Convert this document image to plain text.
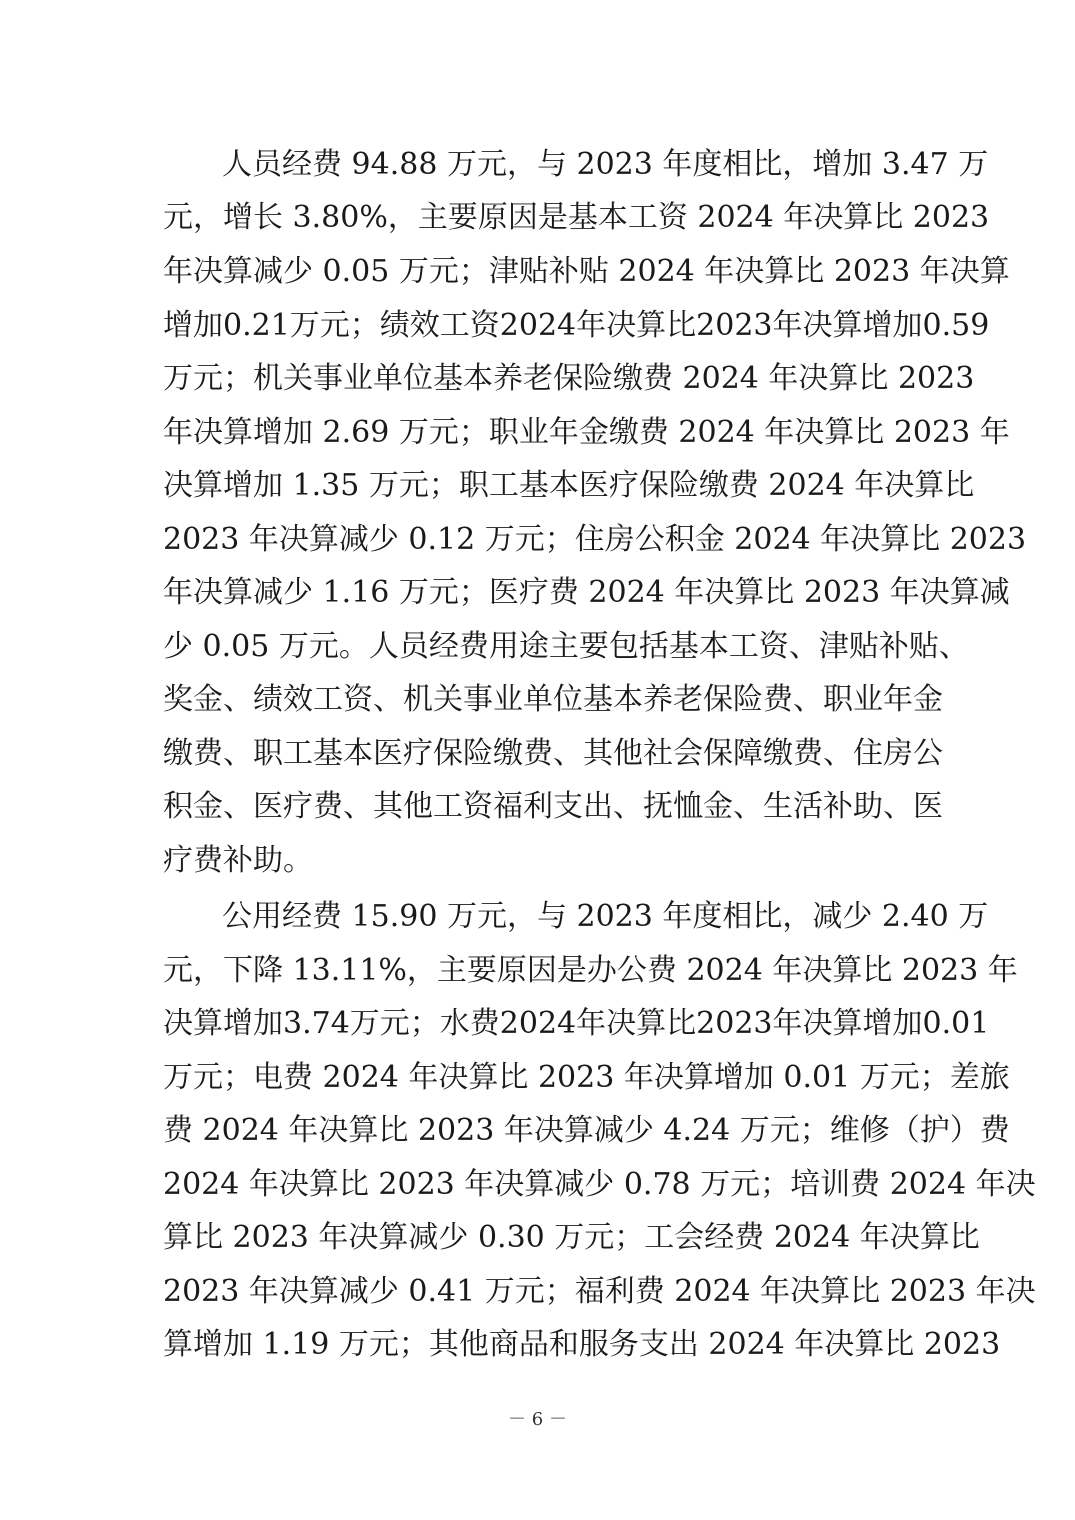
人员经费 94.88 万元，与 2023 年度相比，增加 3.47 万
元，增长 3.80%，主要原因是基本工资 2024 年决算比 2023
年决算减少 0.05 万元；津贴补贴 2024 年决算比 2023 年决算
增加0.21万元；绩效工资2024年决算比2023年决算增加0.59
万元；机关事业单位基本养老保险缴费 2024 年决算比 2023
年决算增加 2.69 万元；职业年金缴费 2024 年决算比 2023 年
决算增加 1.35 万元；职工基本医疗保险缴费 2024 年决算比
2023 年决算减少 0.12 万元；住房公积金 2024 年决算比 2023
年决算减少 1.16 万元；医疗费 2024 年决算比 2023 年决算减
少 0.05 万元。人员经费用途主要包括基本工资、津贴补贴、
奖金、绩效工资、机关事业单位基本养老保险费、职业年金
缴费、职工基本医疗保险缴费、其他社会保障缴费、住房公
积金、医疗费、其他工资福利支出、抚恤金、生活补助、医
疗费补助。
公用经费 15.90 万元，与 2023 年度相比，减少 2.40 万
元，下降 13.11%，主要原因是办公费 2024 年决算比 2023 年
决算增加3.74万元；水费2024年决算比2023年决算增加0.01
万元；电费 2024 年决算比 2023 年决算增加 0.01 万元；差旅
费 2024 年决算比 2023 年决算减少 4.24 万元；维修（护）费
2024 年决算比 2023 年决算减少 0.78 万元；培训费 2024 年决
算比 2023 年决算减少 0.30 万元；工会经费 2024 年决算比
2023 年决算减少 0.41 万元；福利费 2024 年决算比 2023 年决
算增加 1.19 万元；其他商品和服务支出 2024 年决算比 2023
－ 6 －
